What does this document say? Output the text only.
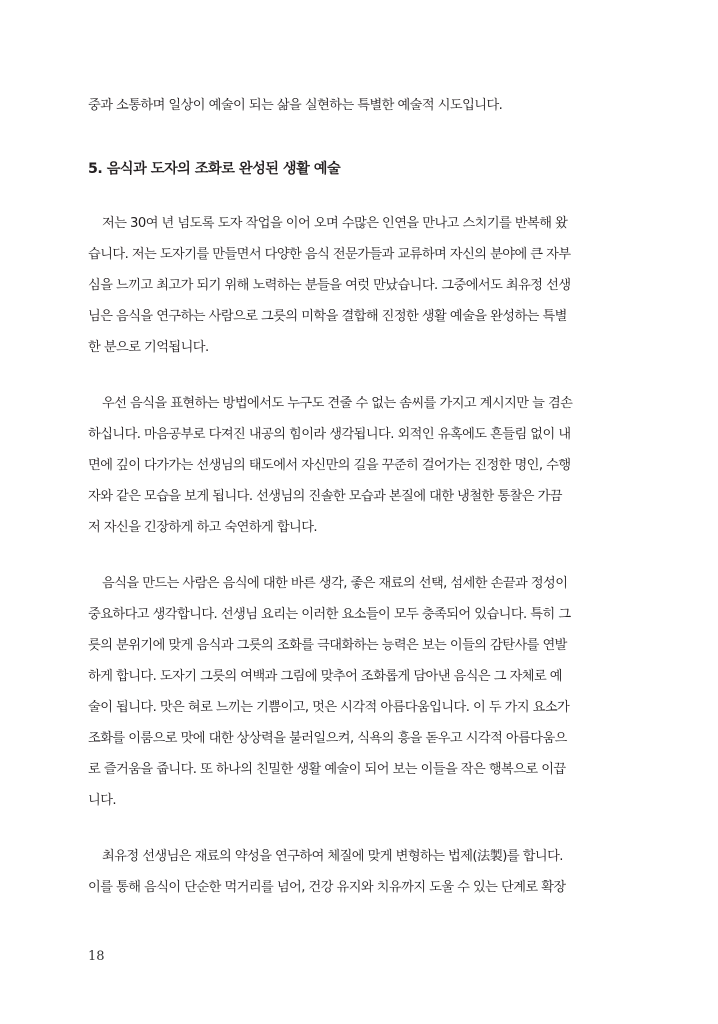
중과 소통하며 일상이 예술이 되는 삶을 실현하는 특별한 예술적 시도입니다.
5. 음식과 도자의 조화로 완성된 생활 예술
저는 30여 년 넘도록 도자 작업을 이어 오며 수많은 인연을 만나고 스치기를 반복해 왔
습니다. 저는 도자기를 만들면서 다양한 음식 전문가들과 교류하며 자신의 분야에 큰 자부
심을 느끼고 최고가 되기 위해 노력하는 분들을 여럿 만났습니다. 그중에서도 최유정 선생
님은 음식을 연구하는 사람으로 그릇의 미학을 결합해 진정한 생활 예술을 완성하는 특별
한 분으로 기억됩니다.
우선 음식을 표현하는 방법에서도 누구도 견줄 수 없는 솜씨를 가지고 계시지만 늘 겸손
하십니다. 마음공부로 다져진 내공의 힘이라 생각됩니다. 외적인 유혹에도 흔들림 없이 내
면에 깊이 다가가는 선생님의 태도에서 자신만의 길을 꾸준히 걸어가는 진정한 명인, 수행
자와 같은 모습을 보게 됩니다. 선생님의 진솔한 모습과 본질에 대한 냉철한 통찰은 가끔
저 자신을 긴장하게 하고 숙연하게 합니다.
음식을 만드는 사람은 음식에 대한 바른 생각, 좋은 재료의 선택, 섬세한 손끝과 정성이
중요하다고 생각합니다. 선생님 요리는 이러한 요소들이 모두 충족되어 있습니다. 특히 그
릇의 분위기에 맞게 음식과 그릇의 조화를 극대화하는 능력은 보는 이들의 감탄사를 연발
하게 합니다. 도자기 그릇의 여백과 그림에 맞추어 조화롭게 담아낸 음식은 그 자체로 예
술이 됩니다. 맛은 혀로 느끼는 기쁨이고, 멋은 시각적 아름다움입니다. 이 두 가지 요소가
조화를 이룸으로 맛에 대한 상상력을 불러일으켜, 식욕의 흥을 돋우고 시각적 아름다움으
로 즐거움을 줍니다. 또 하나의 친밀한 생활 예술이 되어 보는 이들을 작은 행복으로 이끕
니다.
최유정 선생님은 재료의 약성을 연구하여 체질에 맞게 변형하는 법제(法製)를 합니다.
이를 통해 음식이 단순한 먹거리를 넘어, 건강 유지와 치유까지 도울 수 있는 단계로 확장
18
